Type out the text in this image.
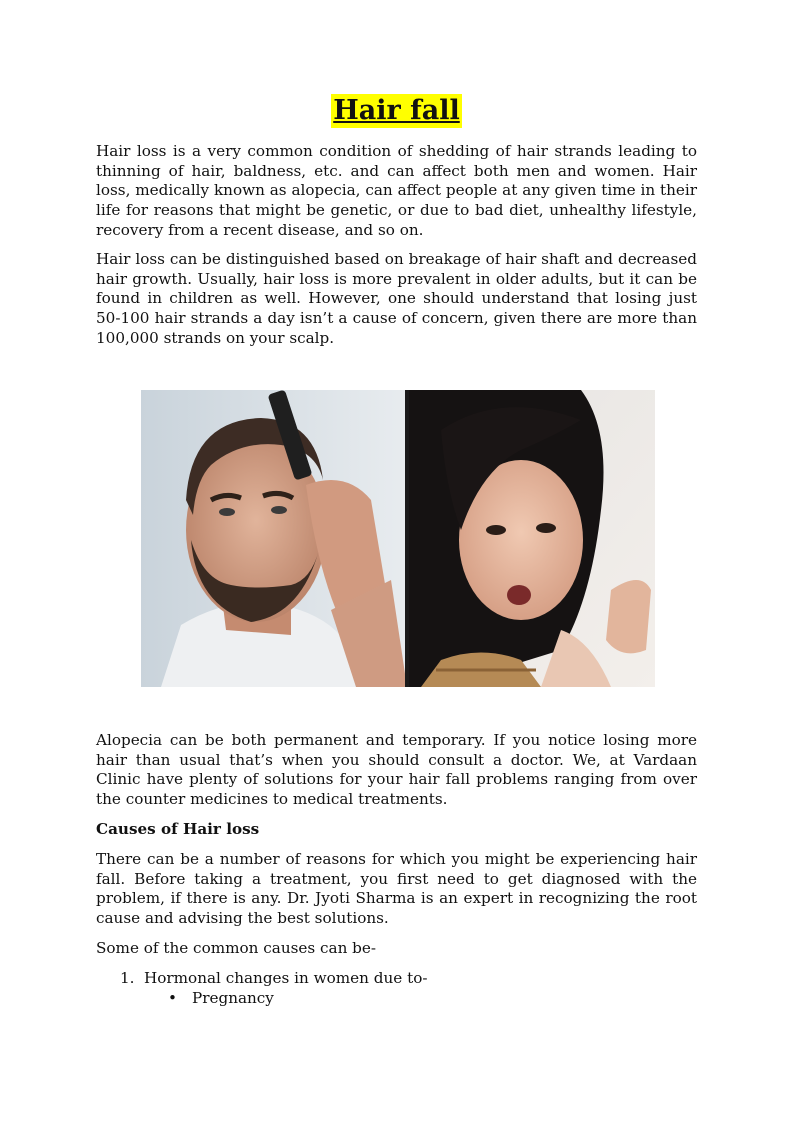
Hair fall

Hair loss is a very common condition of shedding of hair strands leading to thinning of hair, baldness, etc. and can affect both men and women. Hair loss, medically known as alopecia, can affect people at any given time in their life for reasons that might be genetic, or due to bad diet, unhealthy lifestyle, recovery from a recent disease, and so on.

Hair loss can be distinguished based on breakage of hair shaft and decreased hair growth. Usually, hair loss is more prevalent in older adults, but it can be found in children as well. However, one should understand that losing just 50-100 hair strands a day isn’t a cause of concern, given there are more than 100,000 strands on your scalp.

Alopecia can be both permanent and temporary. If you notice losing more hair than usual that’s when you should consult a doctor. We, at Vardaan Clinic have plenty of solutions for your hair fall problems ranging from over the counter medicines to medical treatments.

Causes of Hair loss

There can be a number of reasons for which you might be experiencing hair fall. Before taking a treatment, you first need to get diagnosed with the problem, if there is any. Dr. Jyoti Sharma is an expert in recognizing the root cause and advising the best solutions.

Some of the common causes can be-

1. Hormonal changes in women due to-
• Pregnancy
